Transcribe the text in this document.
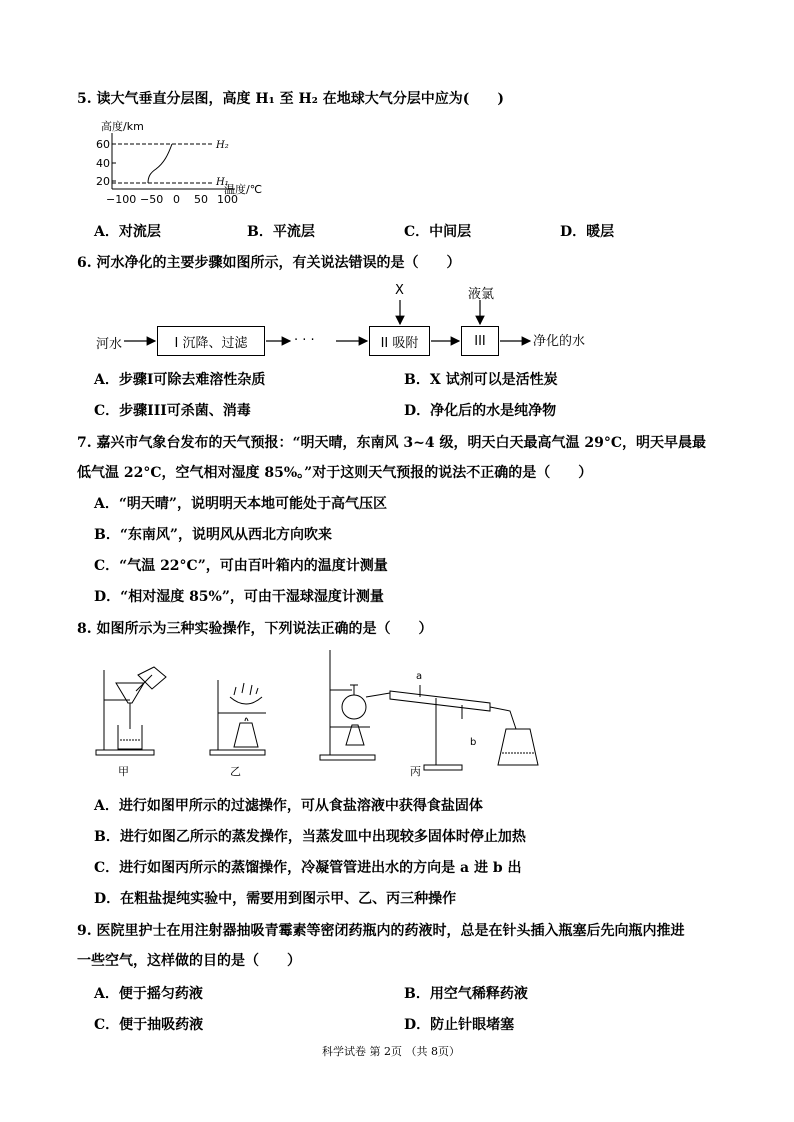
5. 读大气垂直分层图，高度 H₁ 至 H₂ 在地球大气分层中应为(　　)
高度/km
60
40
20
H₂
H₁
温度/℃
−100 −50 0 50 100
A．对流层	B．平流层	C．中间层	D．暖层
6. 河水净化的主要步骤如图所示，有关说法错误的是（　　）
X	液氯
河水	I 沉降、过滤	· · ·	II 吸附	III	净化的水
A．步骤I可除去难溶性杂质	B．X 试剂可以是活性炭
C．步骤III可杀菌、消毒	D．净化后的水是纯净物
7. 嘉兴市气象台发布的天气预报：“明天晴，东南风 3~4 级，明天白天最高气温 29°C，明天早晨最
低气温 22°C，空气相对湿度 85%。”对于这则天气预报的说法不正确的是（　　）
A．“明天晴”，说明明天本地可能处于高气压区
B．“东南风”，说明风从西北方向吹来
C．“气温 22°C”，可由百叶箱内的温度计测量
D．“相对湿度 85%”，可由干湿球湿度计测量
8. 如图所示为三种实验操作，下列说法正确的是（　　）
甲	乙	丙
a
b
A．进行如图甲所示的过滤操作，可从食盐溶液中获得食盐固体
B．进行如图乙所示的蒸发操作，当蒸发皿中出现较多固体时停止加热
C．进行如图丙所示的蒸馏操作，冷凝管管进出水的方向是 a 进 b 出
D．在粗盐提纯实验中，需要用到图示甲、乙、丙三种操作
9. 医院里护士在用注射器抽吸青霉素等密闭药瓶内的药液时，总是在针头插入瓶塞后先向瓶内推进
一些空气，这样做的目的是（　　）
A．便于摇匀药液	B．用空气稀释药液
C．便于抽吸药液	D．防止针眼堵塞
科学试卷 第 2页 （共 8页）
